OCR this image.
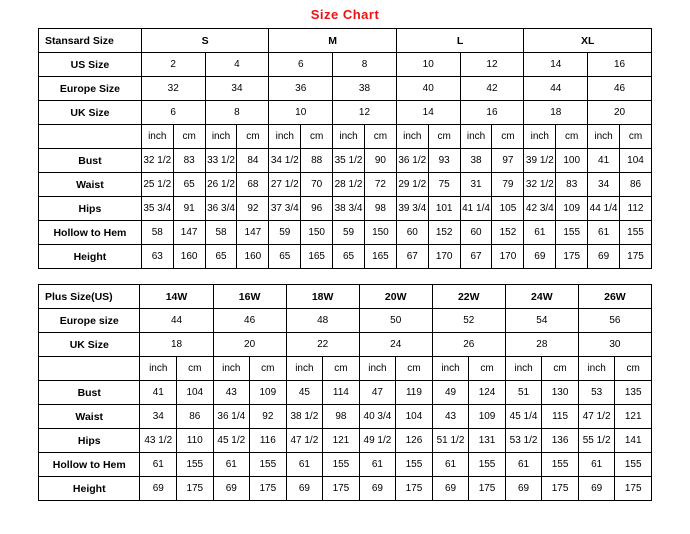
Size Chart
Stansard Size	S				M				L				XL			
US Size	2		4		6		8		10		12		14		16	
Europe Size	32		34		36		38		40		42		44		46	
UK Size	6		8		10		12		14		16		18		20	
	inch	cm	inch	cm	inch	cm	inch	cm	inch	cm	inch	cm	inch	cm	inch	cm
Bust	32 1/2	83	33 1/2	84	34 1/2	88	35 1/2	90	36 1/2	93	38	97	39 1/2	100	41	104
Waist	25 1/2	65	26 1/2	68	27 1/2	70	28 1/2	72	29 1/2	75	31	79	32 1/2	83	34	86
Hips	35 3/4	91	36 3/4	92	37 3/4	96	38 3/4	98	39 3/4	101	41 1/4	105	42 3/4	109	44 1/4	112
Hollow to Hem	58	147	58	147	59	150	59	150	60	152	60	152	61	155	61	155
Height	63	160	65	160	65	165	65	165	67	170	67	170	69	175	69	175
Plus Size(US)	14W		16W		18W		20W		22W		24W		26W	
Europe size	44		46		48		50		52		54		56	
UK Size	18		20		22		24		26		28		30	
	inch	cm	inch	cm	inch	cm	inch	cm	inch	cm	inch	cm	inch	cm
Bust	41	104	43	109	45	114	47	119	49	124	51	130	53	135
Waist	34	86	36 1/4	92	38 1/2	98	40 3/4	104	43	109	45 1/4	115	47 1/2	121
Hips	43 1/2	110	45 1/2	116	47 1/2	121	49 1/2	126	51 1/2	131	53 1/2	136	55 1/2	141
Hollow to Hem	61	155	61	155	61	155	61	155	61	155	61	155	61	155
Height	69	175	69	175	69	175	69	175	69	175	69	175	69	175
